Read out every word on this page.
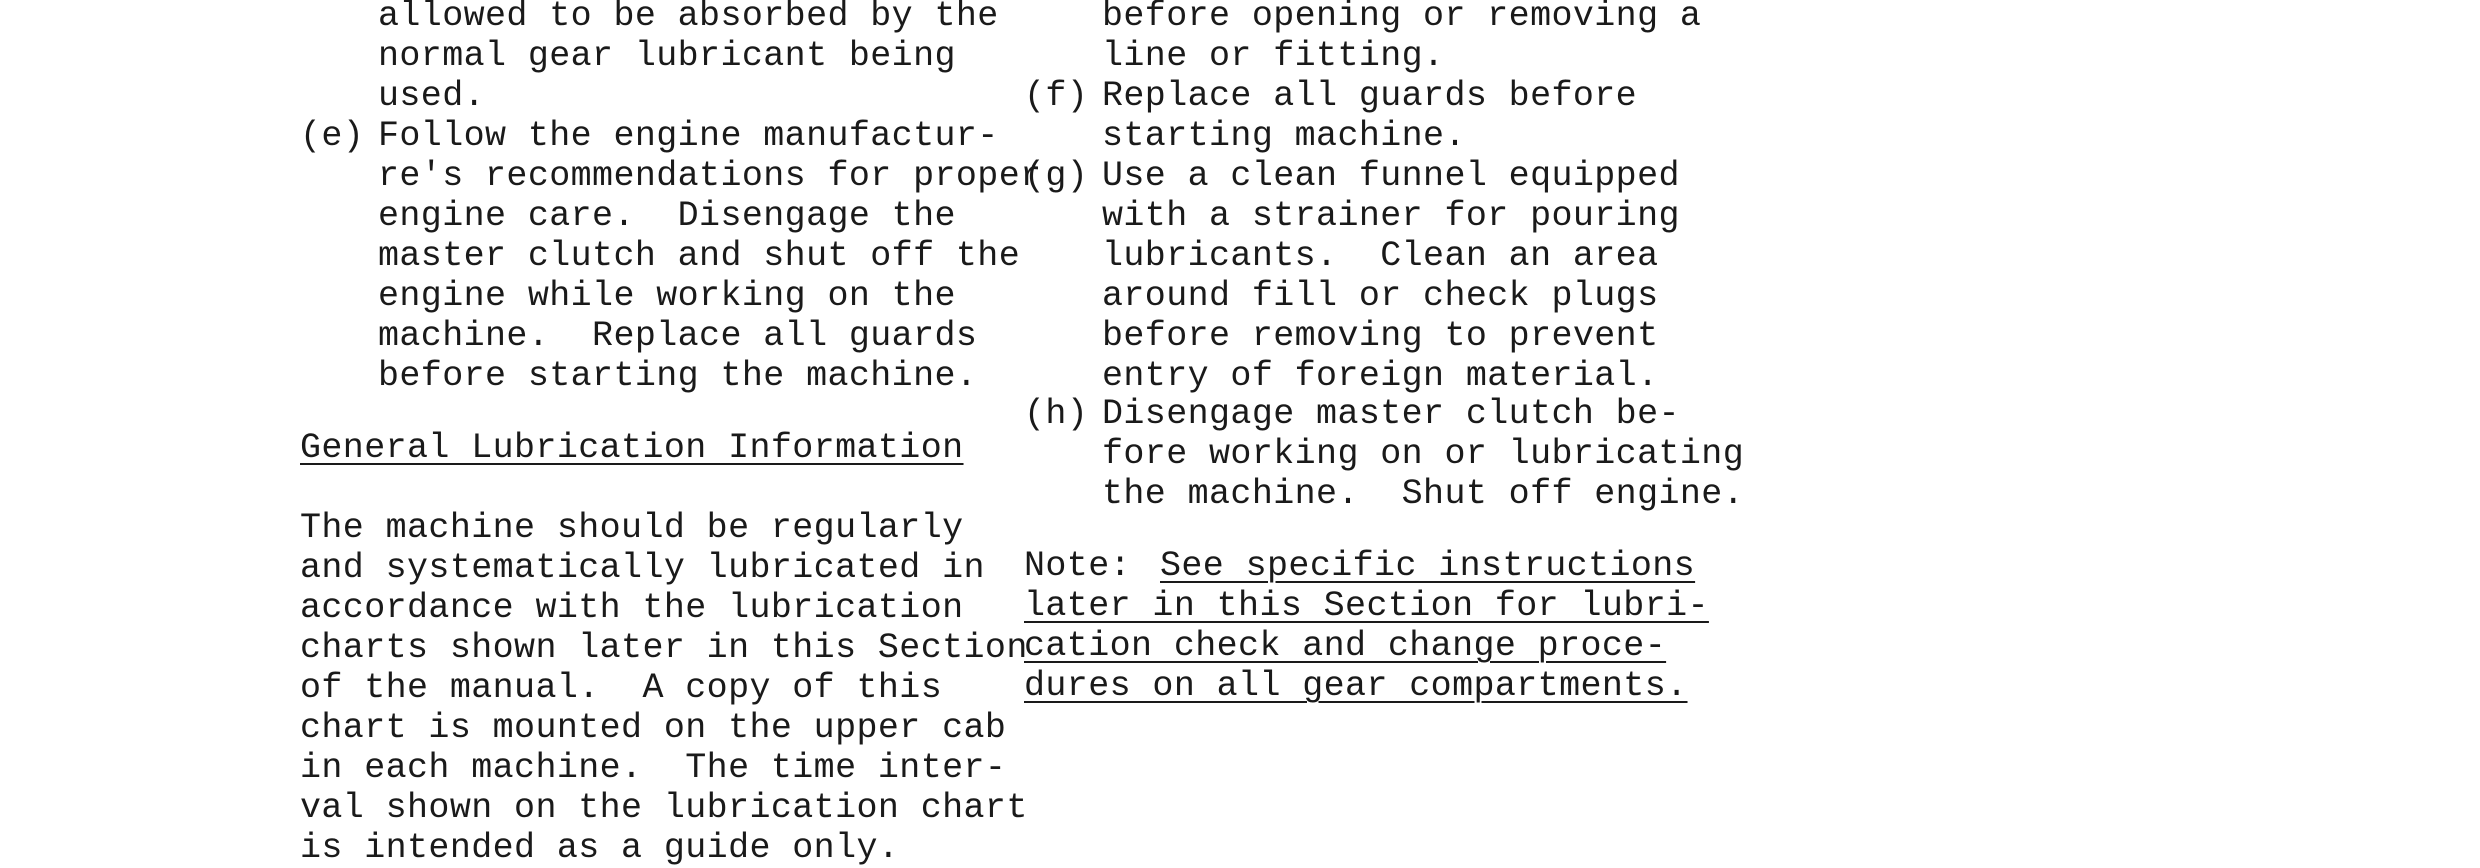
allowed to be absorbed by the
normal gear lubricant being
used.
(e) Follow the engine manufactur-
re's recommendations for proper
engine care.  Disengage the
master clutch and shut off the
engine while working on the
machine.  Replace all guards
before starting the machine.
General Lubrication Information
The machine should be regularly
and systematically lubricated in
accordance with the lubrication
charts shown later in this Section
of the manual.  A copy of this
chart is mounted on the upper cab
in each machine.  The time inter-
val shown on the lubrication chart
is intended as a guide only.
before opening or removing a
line or fitting.
(f) Replace all guards before
starting machine.
(g) Use a clean funnel equipped
with a strainer for pouring
lubricants.  Clean an area
around fill or check plugs
before removing to prevent
entry of foreign material.
(h) Disengage master clutch be-
fore working on or lubricating
the machine.  Shut off engine.
Note: See specific instructions
later in this Section for lubri-
cation check and change proce-
dures on all gear compartments.
